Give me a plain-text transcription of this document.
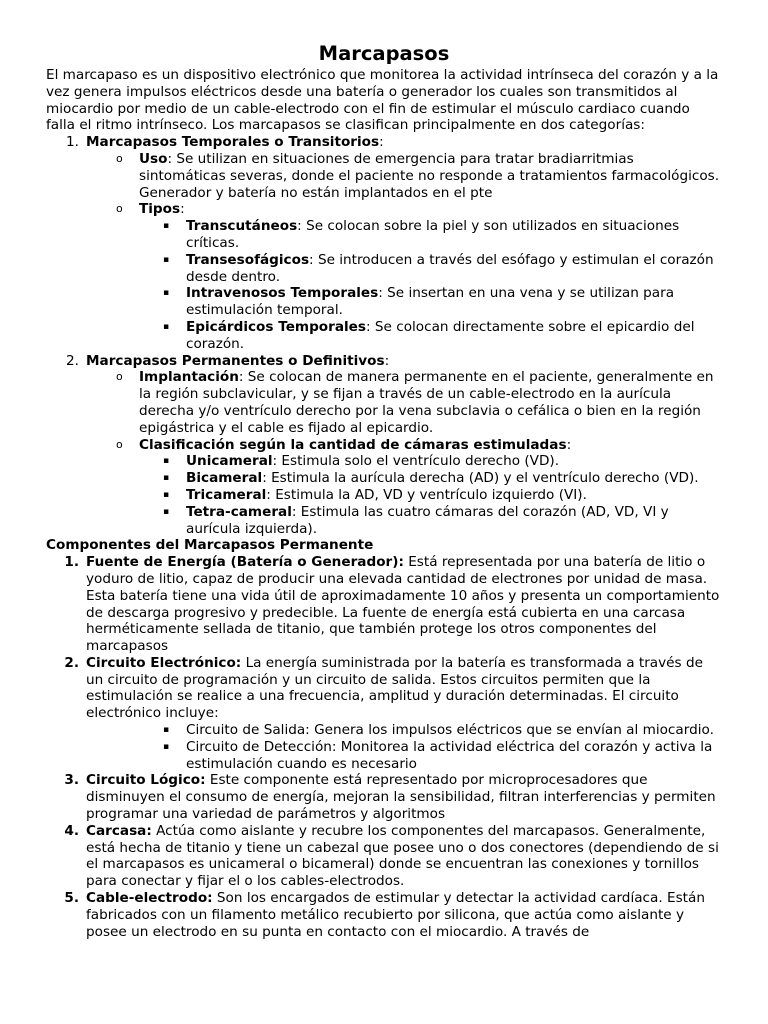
Marcapasos

El marcapaso es un dispositivo electrónico que monitorea la actividad intrínseca del corazón y a la vez genera impulsos eléctricos desde una batería o generador los cuales son transmitidos al miocardio por medio de un cable-electrodo con el fin de estimular el músculo cardiaco cuando falla el ritmo intrínseco. Los marcapasos se clasifican principalmente en dos categorías:

1. Marcapasos Temporales o Transitorios:
o	Uso: Se utilizan en situaciones de emergencia para tratar bradiarritmias sintomáticas severas, donde el paciente no responde a tratamientos farmacológicos. Generador y batería no están implantados en el pte
o	Tipos:
▪	Transcutáneos: Se colocan sobre la piel y son utilizados en situaciones críticas.
▪	Transesofágicos: Se introducen a través del esófago y estimulan el corazón desde dentro.
▪	Intravenosos Temporales: Se insertan en una vena y se utilizan para estimulación temporal.
▪	Epicárdicos Temporales: Se colocan directamente sobre el epicardio del corazón.
2. Marcapasos Permanentes o Definitivos:
o	Implantación: Se colocan de manera permanente en el paciente, generalmente en la región subclavicular, y se fijan a través de un cable-electrodo en la aurícula derecha y/o ventrículo derecho por la vena subclavia o cefálica o bien en la región epigástrica y el cable es fijado al epicardio.
o	Clasificación según la cantidad de cámaras estimuladas:
▪	Unicameral: Estimula solo el ventrículo derecho (VD).
▪	Bicameral: Estimula la aurícula derecha (AD) y el ventrículo derecho (VD).
▪	Tricameral: Estimula la AD, VD y ventrículo izquierdo (VI).
▪	Tetra-cameral: Estimula las cuatro cámaras del corazón (AD, VD, VI y aurícula izquierda).

Componentes del Marcapasos Permanente

1. Fuente de Energía (Batería o Generador): Está representada por una batería de litio o yoduro de litio, capaz de producir una elevada cantidad de electrones por unidad de masa. Esta batería tiene una vida útil de aproximadamente 10 años y presenta un comportamiento de descarga progresivo y predecible. La fuente de energía está cubierta en una carcasa herméticamente sellada de titanio, que también protege los otros componentes del marcapasos
2. Circuito Electrónico: La energía suministrada por la batería es transformada a través de un circuito de programación y un circuito de salida. Estos circuitos permiten que la estimulación se realice a una frecuencia, amplitud y duración determinadas. El circuito electrónico incluye:
▪	Circuito de Salida: Genera los impulsos eléctricos que se envían al miocardio.
▪	Circuito de Detección: Monitorea la actividad eléctrica del corazón y activa la estimulación cuando es necesario
3. Circuito Lógico: Este componente está representado por microprocesadores que disminuyen el consumo de energía, mejoran la sensibilidad, filtran interferencias y permiten programar una variedad de parámetros y algoritmos
4. Carcasa: Actúa como aislante y recubre los componentes del marcapasos. Generalmente, está hecha de titanio y tiene un cabezal que posee uno o dos conectores (dependiendo de si el marcapasos es unicameral o bicameral) donde se encuentran las conexiones y tornillos para conectar y fijar el o los cables-electrodos.
5. Cable-electrodo: Son los encargados de estimular y detectar la actividad cardíaca. Están fabricados con un filamento metálico recubierto por silicona, que actúa como aislante y posee un electrodo en su punta en contacto con el miocardio. A través de
